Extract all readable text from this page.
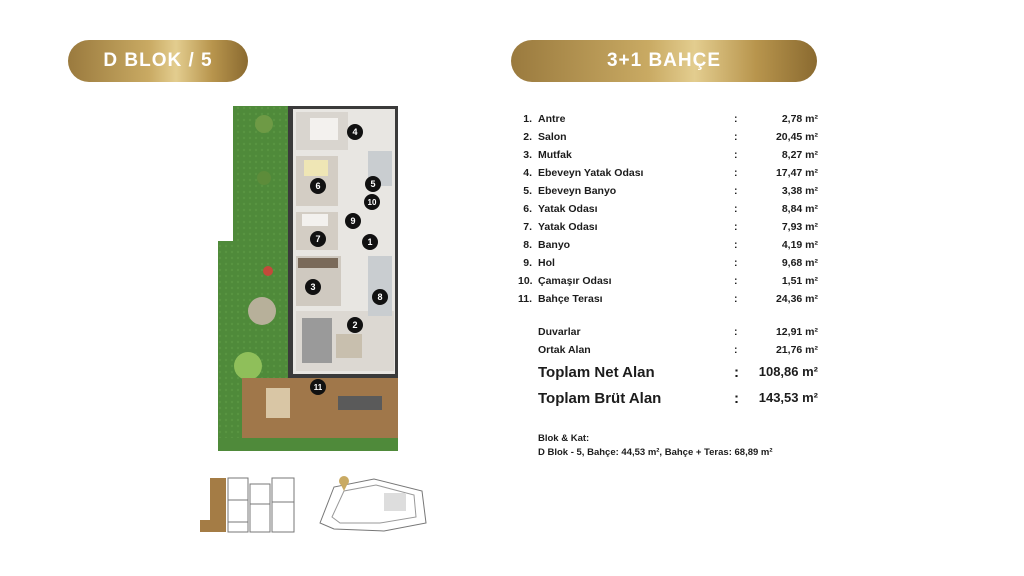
D BLOK / 5	3+1 BAHÇE
1
2
3
4
5
6
7
8
9
10
11
1. Antre	:	2,78 m²
2. Salon	:	20,45 m²
3. Mutfak	:	8,27 m²
4. Ebeveyn Yatak Odası	:	17,47 m²
5. Ebeveyn Banyo	:	3,38 m²
6. Yatak Odası	:	8,84 m²
7. Yatak Odası	:	7,93 m²
8. Banyo	:	4,19 m²
9. Hol	:	9,68 m²
10. Çamaşır Odası	:	1,51 m²
11. Bahçe Terası	:	24,36 m²
Duvarlar	:	12,91 m²
Ortak Alan	:	21,76 m²
Toplam Net Alan	: 108,86 m²
Toplam Brüt Alan	: 143,53 m²
Blok & Kat:
D Blok - 5, Bahçe: 44,53 m², Bahçe + Teras: 68,89 m²
